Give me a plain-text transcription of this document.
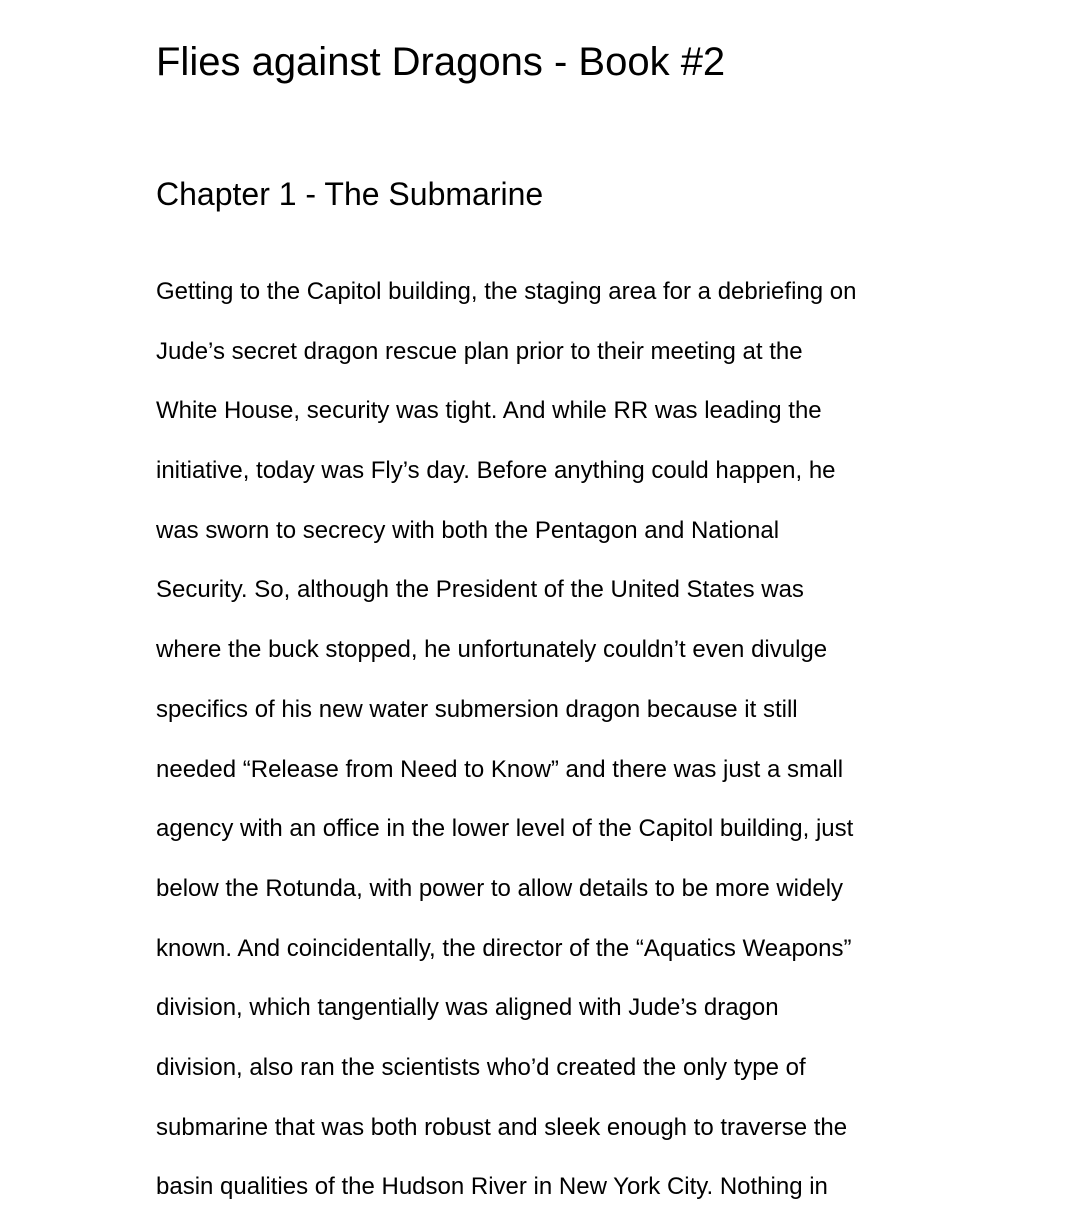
Flies against Dragons - Book #2
Chapter 1 - The Submarine
Getting to the Capitol building, the staging area for a debriefing on
Jude’s secret dragon rescue plan prior to their meeting at the
White House, security was tight. And while RR was leading the
initiative, today was Fly’s day. Before anything could happen, he
was sworn to secrecy with both the Pentagon and National
Security. So, although the President of the United States was
where the buck stopped, he unfortunately couldn’t even divulge
specifics of his new water submersion dragon because it still
needed “Release from Need to Know” and there was just a small
agency with an office in the lower level of the Capitol building, just
below the Rotunda, with power to allow details to be more widely
known. And coincidentally, the director of the “Aquatics Weapons”
division, which tangentially was aligned with Jude’s dragon
division, also ran the scientists who’d created the only type of
submarine that was both robust and sleek enough to traverse the
basin qualities of the Hudson River in New York City. Nothing in
